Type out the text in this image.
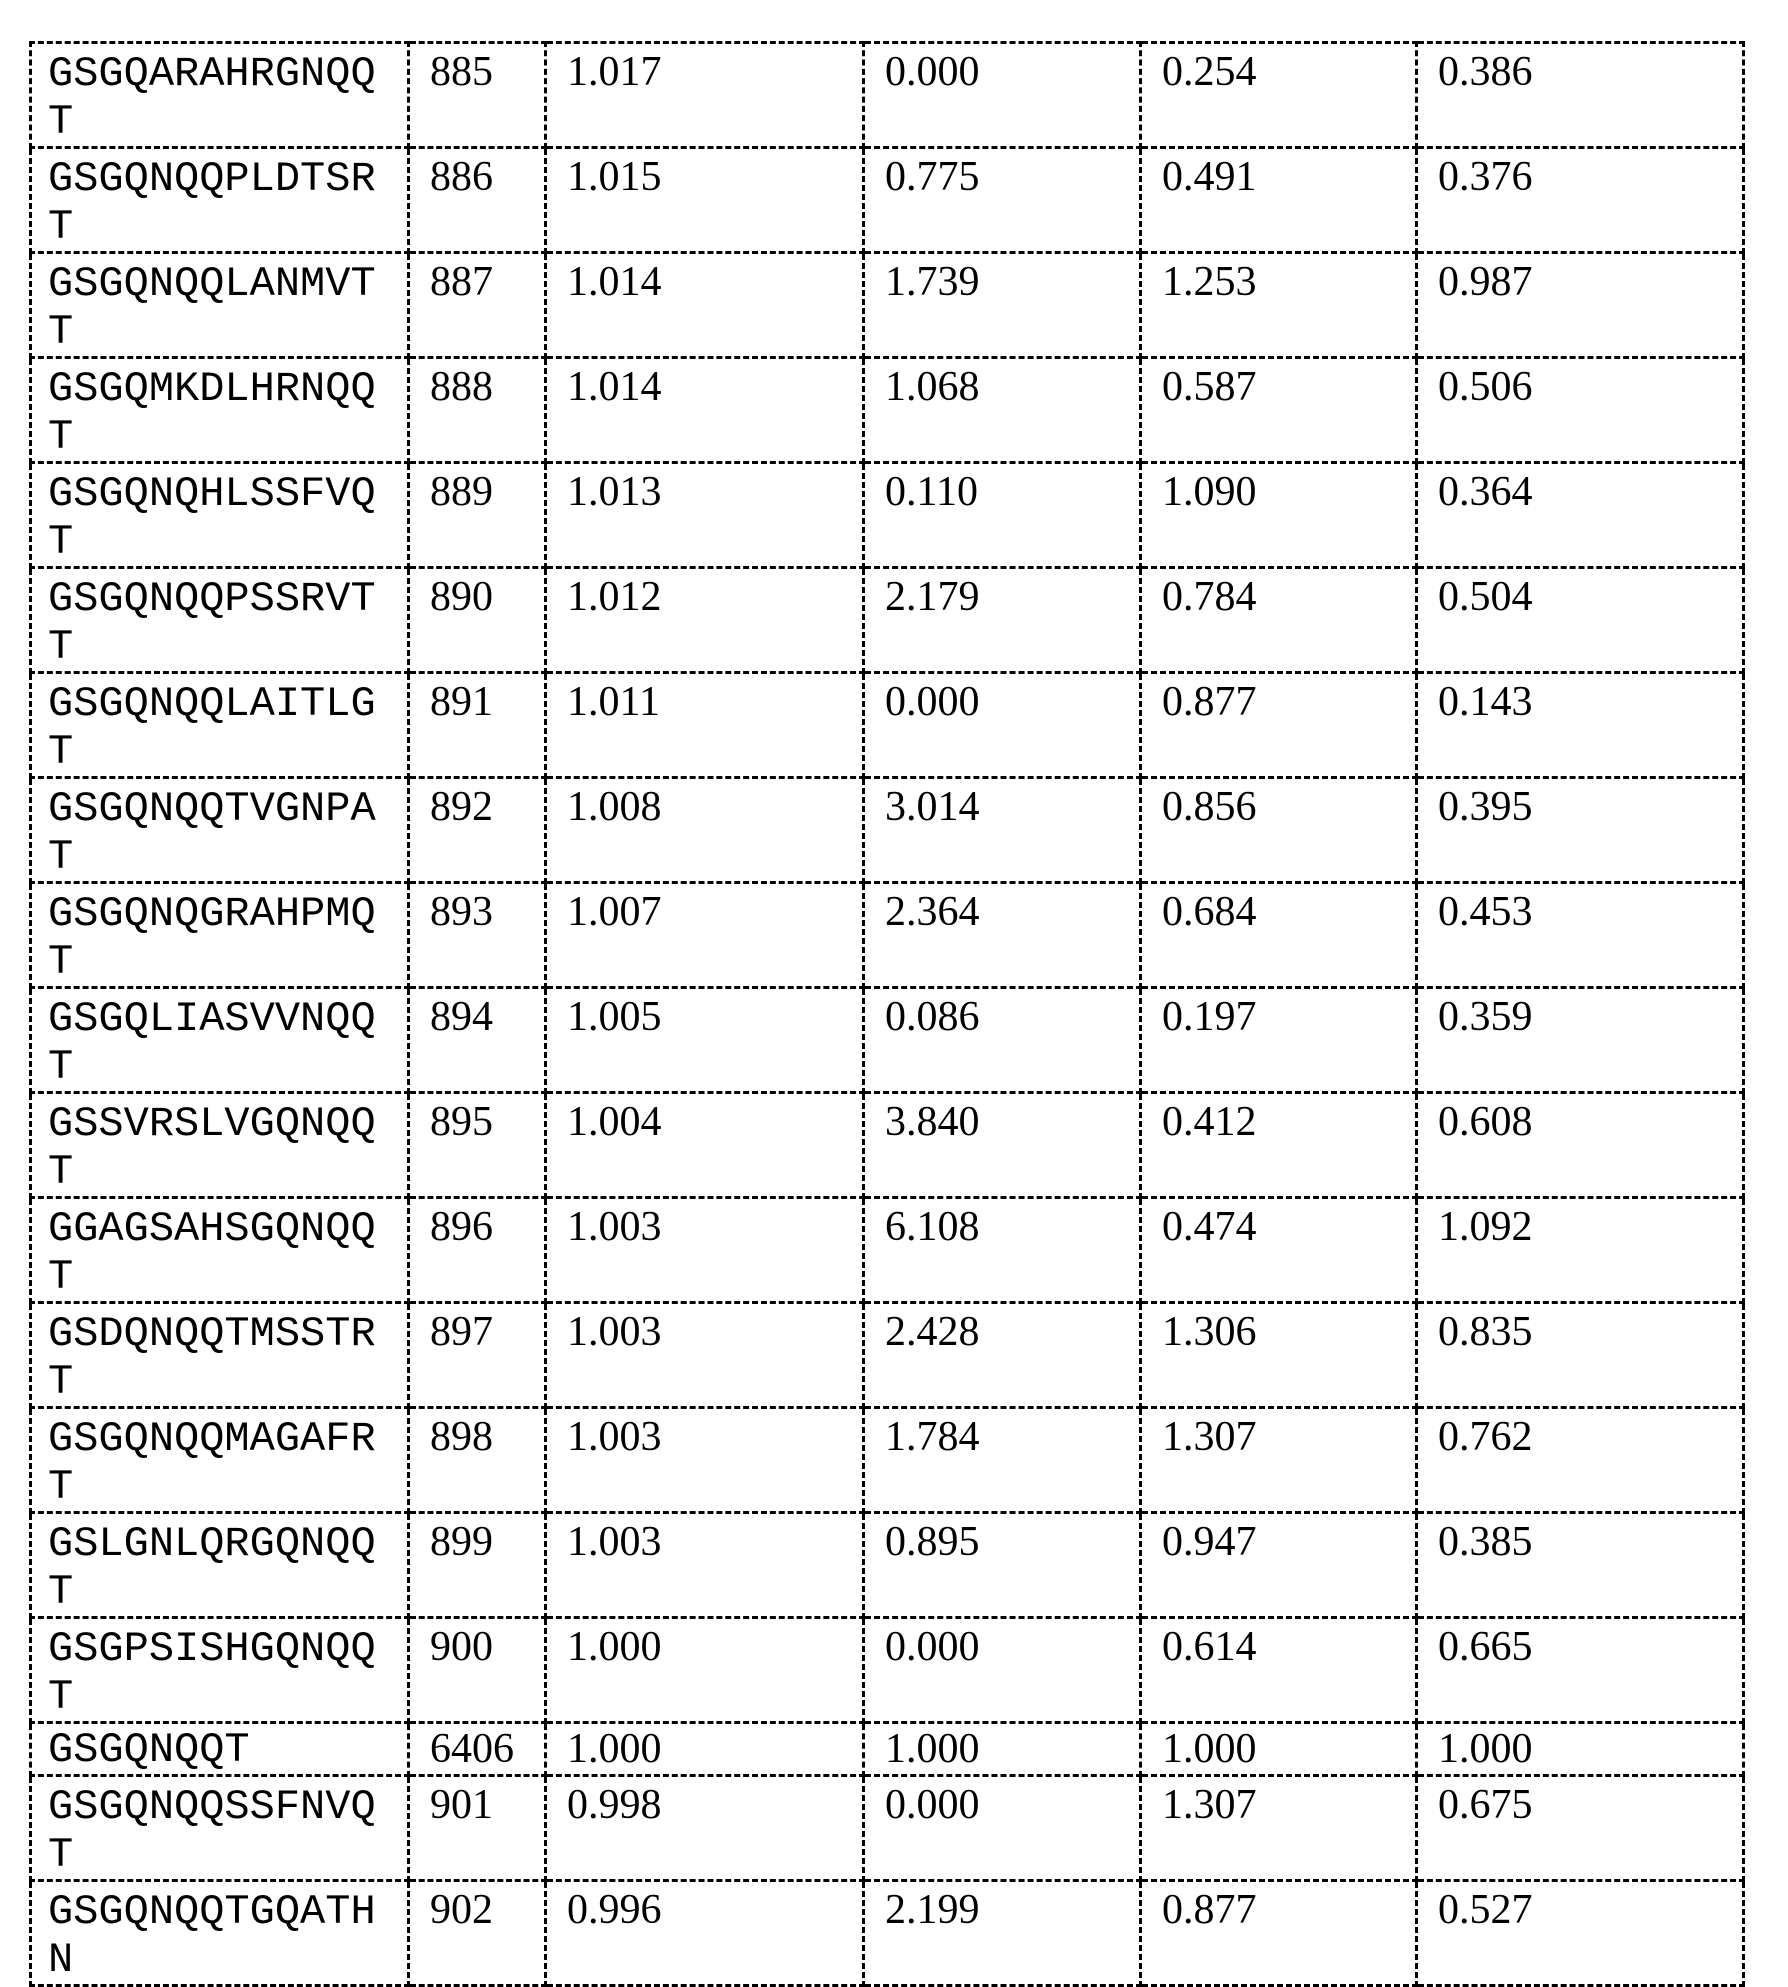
GSGQARAHRGNQQT	885	1.017	0.000	0.254	0.386
GSGQNQQPLDTSRT	886	1.015	0.775	0.491	0.376
GSGQNQQLANMVTT	887	1.014	1.739	1.253	0.987
GSGQMKDLHRNQQT	888	1.014	1.068	0.587	0.506
GSGQNQHLSSFVQT	889	1.013	0.110	1.090	0.364
GSGQNQQPSSRVTT	890	1.012	2.179	0.784	0.504
GSGQNQQLAITLGT	891	1.011	0.000	0.877	0.143
GSGQNQQTVGNPAT	892	1.008	3.014	0.856	0.395
GSGQNQGRAHPMQT	893	1.007	2.364	0.684	0.453
GSGQLIASVVNQQT	894	1.005	0.086	0.197	0.359
GSSVRSLVGQNQQT	895	1.004	3.840	0.412	0.608
GGAGSAHSGQNQQT	896	1.003	6.108	0.474	1.092
GSDQNQQTMSSTRT	897	1.003	2.428	1.306	0.835
GSGQNQQMAGAFRT	898	1.003	1.784	1.307	0.762
GSLGNLQRGQNQQT	899	1.003	0.895	0.947	0.385
GSGPSISHGQNQQT	900	1.000	0.000	0.614	0.665
GSGQNQQT	6406	1.000	1.000	1.000	1.000
GSGQNQQSSFNVQT	901	0.998	0.000	1.307	0.675
GSGQNQQTGQATHN	902	0.996	2.199	0.877	0.527
